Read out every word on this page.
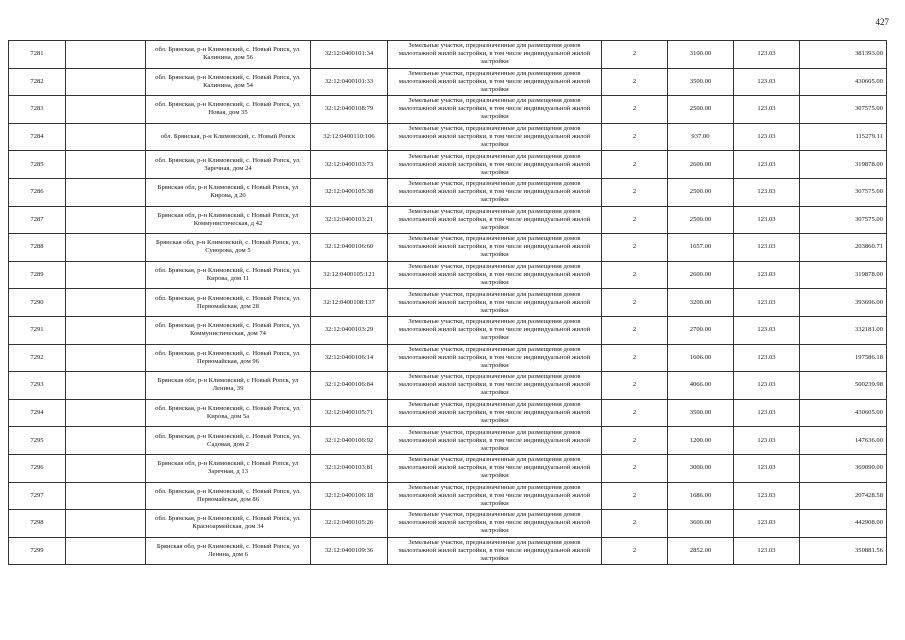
427
7281		обл. Брянская, р-н Климовский, с. Новый Ропск, ул. Калинина, дом 56	32:12:0400101:34	Земельные участки, предназначенные для размещения домов малоэтажной жилой застройки, в том числе индивидуальной жилой застройки	2	3100.00	123.03	381393.00
7282		обл. Брянская, р-н Климовский, с. Новый Ропск, ул. Калинина, дом 54	32:12:0400101:33	Земельные участки, предназначенные для размещения домов малоэтажной жилой застройки, в том числе индивидуальной жилой застройки	2	3500.00	123.03	430605.00
7283		обл. Брянская, р-н Климовский, с. Новый Ропск, ул. Новая, дом 35	32:12:0400108:79	Земельные участки, предназначенные для размещения домов малоэтажной жилой застройки, в том числе индивидуальной жилой застройки	2	2500.00	123.03	307575.00
7284		обл. Брянская, р-н Климовский, с. Новый Ропск	32:12:0400110:106	Земельные участки, предназначенные для размещения домов малоэтажной жилой застройки, в том числе индивидуальной жилой застройки	2	937.00	123.03	115279.11
7285		обл. Брянская, р-н Климовский, с. Новый Ропск, ул. Заречная, дом 24	32:12:0400103:73	Земельные участки, предназначенные для размещения домов малоэтажной жилой застройки, в том числе индивидуальной жилой застройки	2	2600.00	123.03	319878.00
7286		Брянская обл, р-н Климовский, с Новый Ропск, ул Кирова, д 20	32:12:0400105:38	Земельные участки, предназначенные для размещения домов малоэтажной жилой застройки, в том числе индивидуальной жилой застройки	2	2500.00	123.03	307575.00
7287		Брянская обл, р-н Климовский, с Новый Ропск, ул Коммунистическая, д 42	32:12:0400103:21	Земельные участки, предназначенные для размещения домов малоэтажной жилой застройки, в том числе индивидуальной жилой застройки	2	2500.00	123.03	307575.00
7288		Брянская обл, р-н Климовский, с. Новый Ропск, ул. Суворова, дом 5	32:12:0400106:60	Земельные участки, предназначенные для размещения домов малоэтажной жилой застройки, в том числе индивидуальной жилой застройки	2	1657.00	123.03	203860.71
7289		обл. Брянская, р-н Климовский, с. Новый Ропск, ул. Кирова, дом 11	32:12:0400105:121	Земельные участки, предназначенные для размещения домов малоэтажной жилой застройки, в том числе индивидуальной жилой застройки	2	2600.00	123.03	319878.00
7290		обл. Брянская, р-н Климовский, с. Новый Ропск, ул. Первомайская, дом 28	32:12:0400108:137	Земельные участки, предназначенные для размещения домов малоэтажной жилой застройки, в том числе индивидуальной жилой застройки	2	3200.00	123.03	393696.00
7291		обл. Брянская, р-н Климовский, с. Новый Ропск, ул. Коммунистическая, дом 74	32:12:0400103:29	Земельные участки, предназначенные для размещения домов малоэтажной жилой застройки, в том числе индивидуальной жилой застройки	2	2700.00	123.03	332181.00
7292		обл. Брянская, р-н Климовский, с. Новый Ропск, ул. Первомайская, дом 96	32:12:0400106:14	Земельные участки, предназначенные для размещения домов малоэтажной жилой застройки, в том числе индивидуальной жилой застройки	2	1606.00	123.03	197586.18
7293		Брянская обл, р-н Климовский, с Новый Ропск, ул Ленина, 39	32:12:0400106:84	Земельные участки, предназначенные для размещения домов малоэтажной жилой застройки, в том числе индивидуальной жилой застройки	2	4066.00	123.03	500239.98
7294		обл. Брянская, р-н Климовский, с. Новый Ропск, ул. Кирова, дом 5а	32:12:0400105:71	Земельные участки, предназначенные для размещения домов малоэтажной жилой застройки, в том числе индивидуальной жилой застройки	2	3500.00	123.03	430605.00
7295		обл. Брянская, р-н Климовский, с. Новый Ропск, ул. Садовая, дом 2	32:12:0400106:92	Земельные участки, предназначенные для размещения домов малоэтажной жилой застройки, в том числе индивидуальной жилой застройки	2	1200.00	123.03	147636.00
7296		Брянская обл, р-н Климовский, с Новый Ропск, ул Заречная, д 13	32:12:0400103:81	Земельные участки, предназначенные для размещения домов малоэтажной жилой застройки, в том числе индивидуальной жилой застройки	2	3000.00	123.03	369090.00
7297		обл. Брянская, р-н Климовский, с. Новый Ропск, ул. Первомайская, дом 86	32:12:0400106:18	Земельные участки, предназначенные для размещения домов малоэтажной жилой застройки, в том числе индивидуальной жилой застройки	2	1686.00	123.03	207428.58
7298		обл. Брянская, р-н Климовский, с. Новый Ропск, ул. Красноармейская, дом 34	32:12:0400105:26	Земельные участки, предназначенные для размещения домов малоэтажной жилой застройки, в том числе индивидуальной жилой застройки	2	3600.00	123.03	442908.00
7299		Брянская обл, р-н Климовский, с. Новый Ропск, ул Ленина, дом 6	32:12:0400109:36	Земельные участки, предназначенные для размещения домов малоэтажной жилой застройки, в том числе индивидуальной жилой застройки	2	2852.00	123.03	350881.56
